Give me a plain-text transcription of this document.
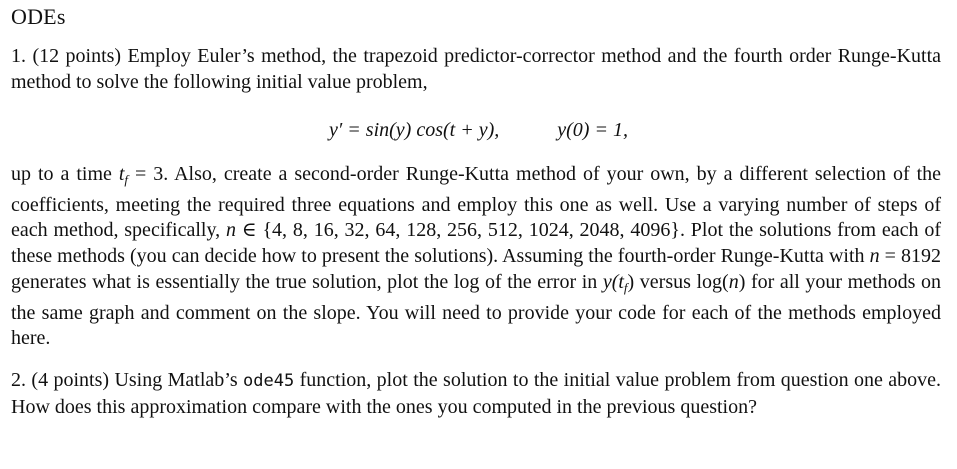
ODEs
1. (12 points) Employ Euler’s method, the trapezoid predictor-corrector method and the fourth order Runge-Kutta method to solve the following initial value problem,
y′ = sin(y) cos(t + y),	y(0) = 1,
up to a time $t_f = 3$. Also, create a second-order Runge-Kutta method of your own, by a different selection of the coefficients, meeting the required three equations and employ this one as well. Use a varying number of steps of each method, specifically, n ∈ {4, 8, 16, 32, 64, 128, 256, 512, 1024, 2048, 4096}. Plot the solutions from each of these methods (you can decide how to present the solutions). Assuming the fourth-order Runge-Kutta with n = 8192 generates what is essentially the true solution, plot the log of the error in $y(t_f)$ versus log(n) for all your methods on the same graph and comment on the slope. You will need to provide your code for each of the methods employed here.
2. (4 points) Using Matlab’s ode45 function, plot the solution to the initial value problem from question one above. How does this approximation compare with the ones you computed in the previous question?
